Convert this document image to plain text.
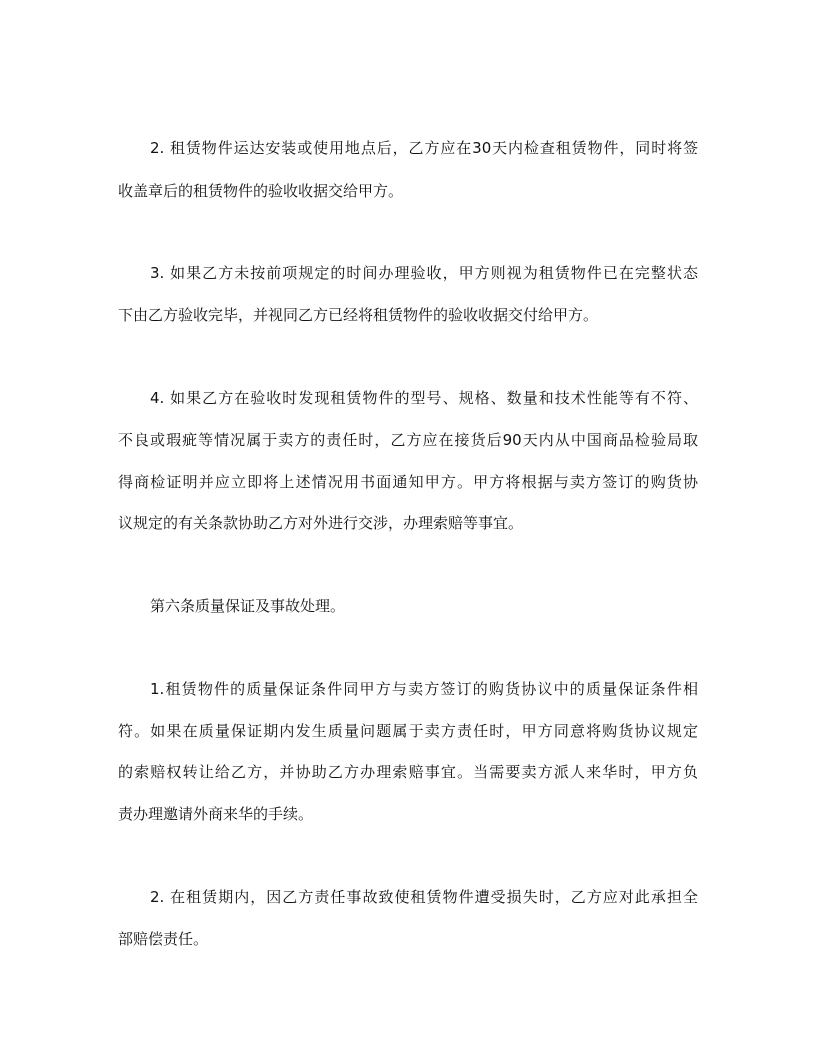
2. 租赁物件运达安装或使用地点后，乙方应在30天内检查租赁物件，同时将签
收盖章后的租赁物件的验收收据交给甲方。
3. 如果乙方未按前项规定的时间办理验收，甲方则视为租赁物件已在完整状态
下由乙方验收完毕，并视同乙方已经将租赁物件的验收收据交付给甲方。
4. 如果乙方在验收时发现租赁物件的型号、规格、数量和技术性能等有不符、
不良或瑕疵等情况属于卖方的责任时，乙方应在接货后90天内从中国商品检验局取
得商检证明并应立即将上述情况用书面通知甲方。甲方将根据与卖方签订的购货协
议规定的有关条款协助乙方对外进行交涉，办理索赔等事宜。
第六条质量保证及事故处理。
1.租赁物件的质量保证条件同甲方与卖方签订的购货协议中的质量保证条件相
符。如果在质量保证期内发生质量问题属于卖方责任时，甲方同意将购货协议规定
的索赔权转让给乙方，并协助乙方办理索赔事宜。当需要卖方派人来华时，甲方负
责办理邀请外商来华的手续。
2. 在租赁期内，因乙方责任事故致使租赁物件遭受损失时，乙方应对此承担全
部赔偿责任。
